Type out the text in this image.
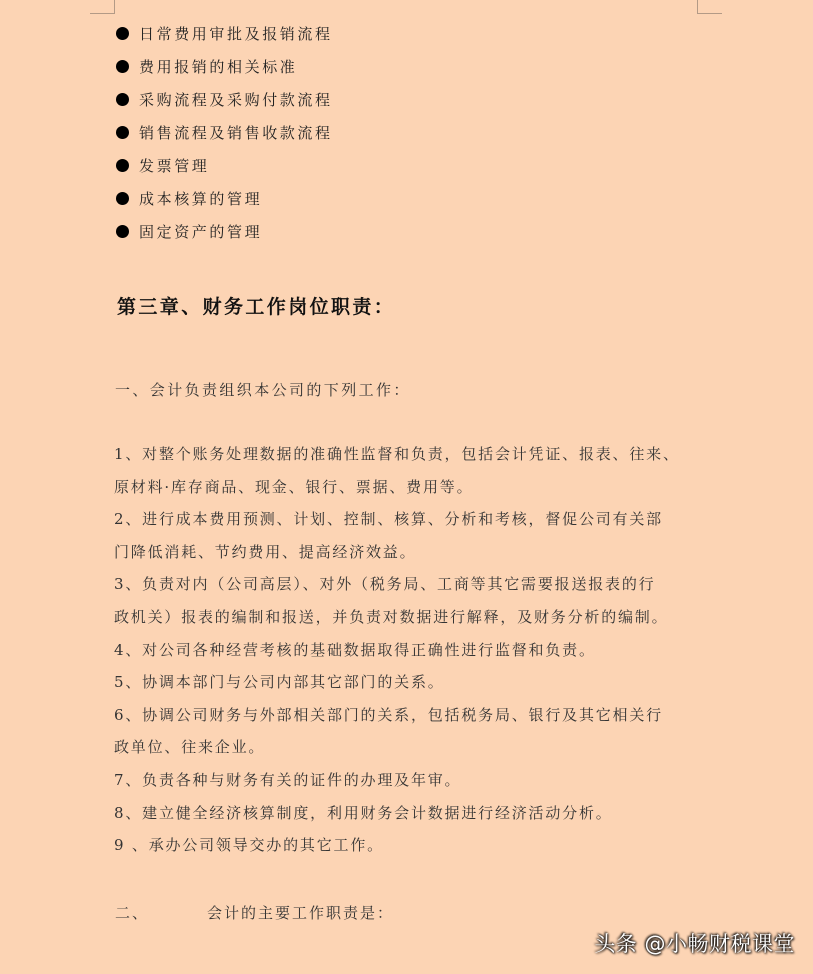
日常费用审批及报销流程
费用报销的相关标准
采购流程及采购付款流程
销售流程及销售收款流程
发票管理
成本核算的管理
固定资产的管理
第三章、财务工作岗位职责：
一、会计负责组织本公司的下列工作：

1、对整个账务处理数据的准确性监督和负责，包括会计凭证、报表、往来、

原材料·库存商品、现金、银行、票据、费用等。

2、进行成本费用预测、计划、控制、核算、分析和考核，督促公司有关部

门降低消耗、节约费用、提高经济效益。

3、负责对内（公司高层）、对外（税务局、工商等其它需要报送报表的行

政机关）报表的编制和报送，并负责对数据进行解释，及财务分析的编制。

4、对公司各种经营考核的基础数据取得正确性进行监督和负责。

5、协调本部门与公司内部其它部门的关系。

6、协调公司财务与外部相关部门的关系，包括税务局、银行及其它相关行

政单位、往来企业。

7、负责各种与财务有关的证件的办理及年审。

8、建立健全经济核算制度，利用财务会计数据进行经济活动分析。

9 、承办公司领导交办的其它工作。

二、	会计的主要工作职责是：
头条 @小畅财税课堂
